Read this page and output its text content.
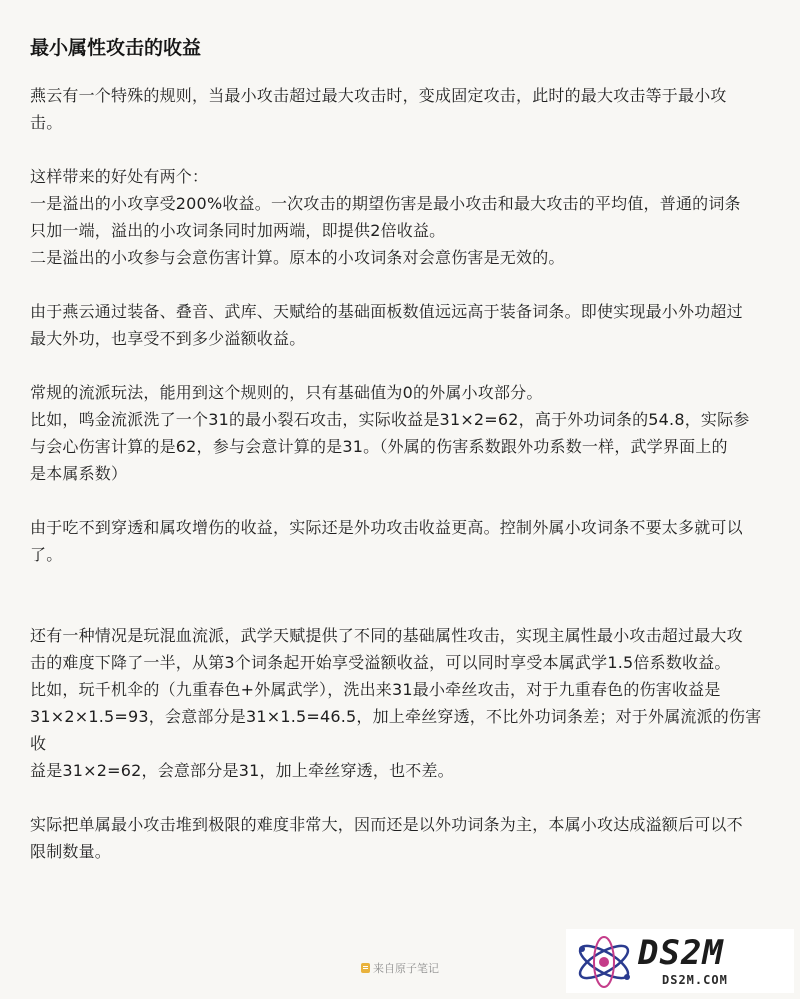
最小属性攻击的收益

燕云有一个特殊的规则，当最小攻击超过最大攻击时，变成固定攻击，此时的最大攻击等于最小攻
击。

这样带来的好处有两个：
一是溢出的小攻享受200%收益。一次攻击的期望伤害是最小攻击和最大攻击的平均值，普通的词条
只加一端，溢出的小攻词条同时加两端，即提供2倍收益。
二是溢出的小攻参与会意伤害计算。原本的小攻词条对会意伤害是无效的。

由于燕云通过装备、叠音、武库、天赋给的基础面板数值远远高于装备词条。即使实现最小外功超过
最大外功，也享受不到多少溢额收益。

常规的流派玩法，能用到这个规则的，只有基础值为0的外属小攻部分。
比如，鸣金流派洗了一个31的最小裂石攻击，实际收益是31×2=62，高于外功词条的54.8，实际参
与会心伤害计算的是62，参与会意计算的是31。（外属的伤害系数跟外功系数一样，武学界面上的
是本属系数）

由于吃不到穿透和属攻增伤的收益，实际还是外功攻击收益更高。控制外属小攻词条不要太多就可以
了。

还有一种情况是玩混血流派，武学天赋提供了不同的基础属性攻击，实现主属性最小攻击超过最大攻
击的难度下降了一半，从第3个词条起开始享受溢额收益，可以同时享受本属武学1.5倍系数收益。
比如，玩千机伞的（九重春色+外属武学），洗出来31最小牵丝攻击，对于九重春色的伤害收益是
31×2×1.5=93，会意部分是31×1.5=46.5，加上牵丝穿透，不比外功词条差；对于外属流派的伤害收
益是31×2=62，会意部分是31，加上牵丝穿透，也不差。

实际把单属最小攻击堆到极限的难度非常大，因而还是以外功词条为主，本属小攻达成溢额后可以不
限制数量。

来自原子笔记	DS2M
DS2M.COM
